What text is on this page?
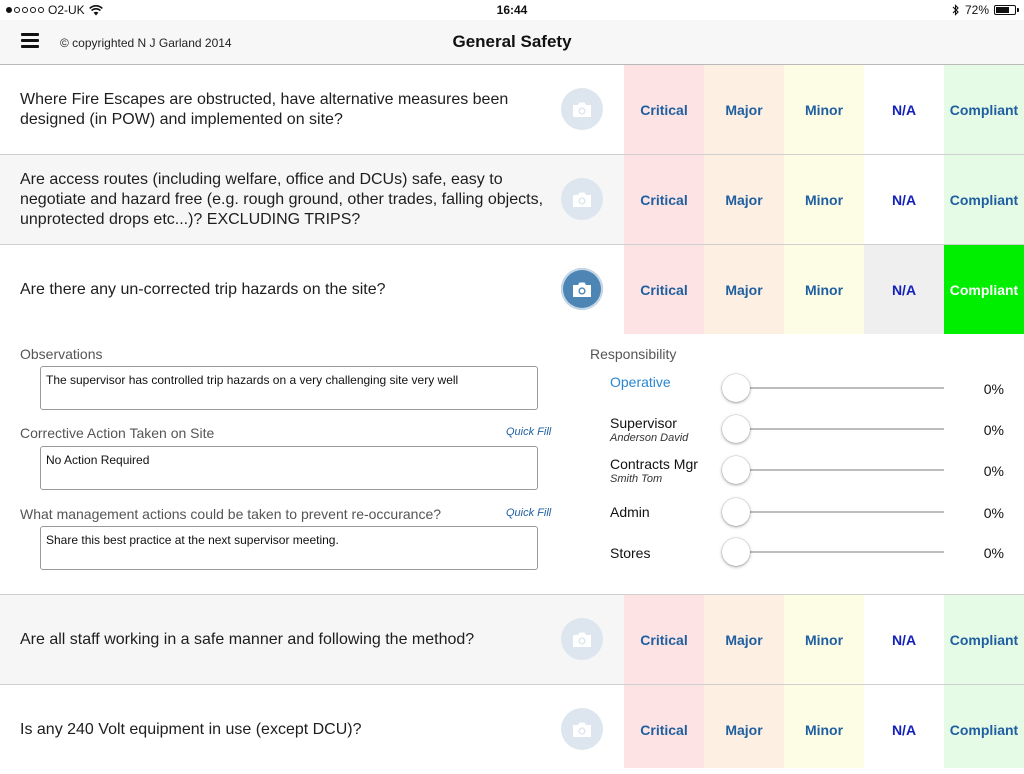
O2-UK	16:44	72%
© copyrighted N J Garland 2014	General Safety
Where Fire Escapes are obstructed, have alternative measures been designed (in POW) and implemented on site?
Critical	Major	Minor	N/A	Compliant
Are access routes (including welfare, office and DCUs) safe, easy to negotiate and hazard free (e.g. rough ground, other trades, falling objects, unprotected drops etc...)? EXCLUDING TRIPS?
Critical	Major	Minor	N/A	Compliant
Are there any un-corrected trip hazards on the site?	Critical	Major	Minor	N/A	Compliant
Observations
The supervisor has controlled trip hazards on a very challenging site very well
Corrective Action Taken on Site	Quick Fill
No Action Required
What management actions could be taken to prevent re-occurance?	Quick Fill
Share this best practice at the next supervisor meeting.
Responsibility
Operative	0%
Supervisor
Anderson David	0%
Contracts Mgr
Smith Tom	0%
Admin	0%
Stores	0%
Are all staff working in a safe manner and following the method?	Critical	Major	Minor	N/A	Compliant
Is any 240 Volt equipment in use (except DCU)?	Critical	Major	Minor	N/A	Compliant
